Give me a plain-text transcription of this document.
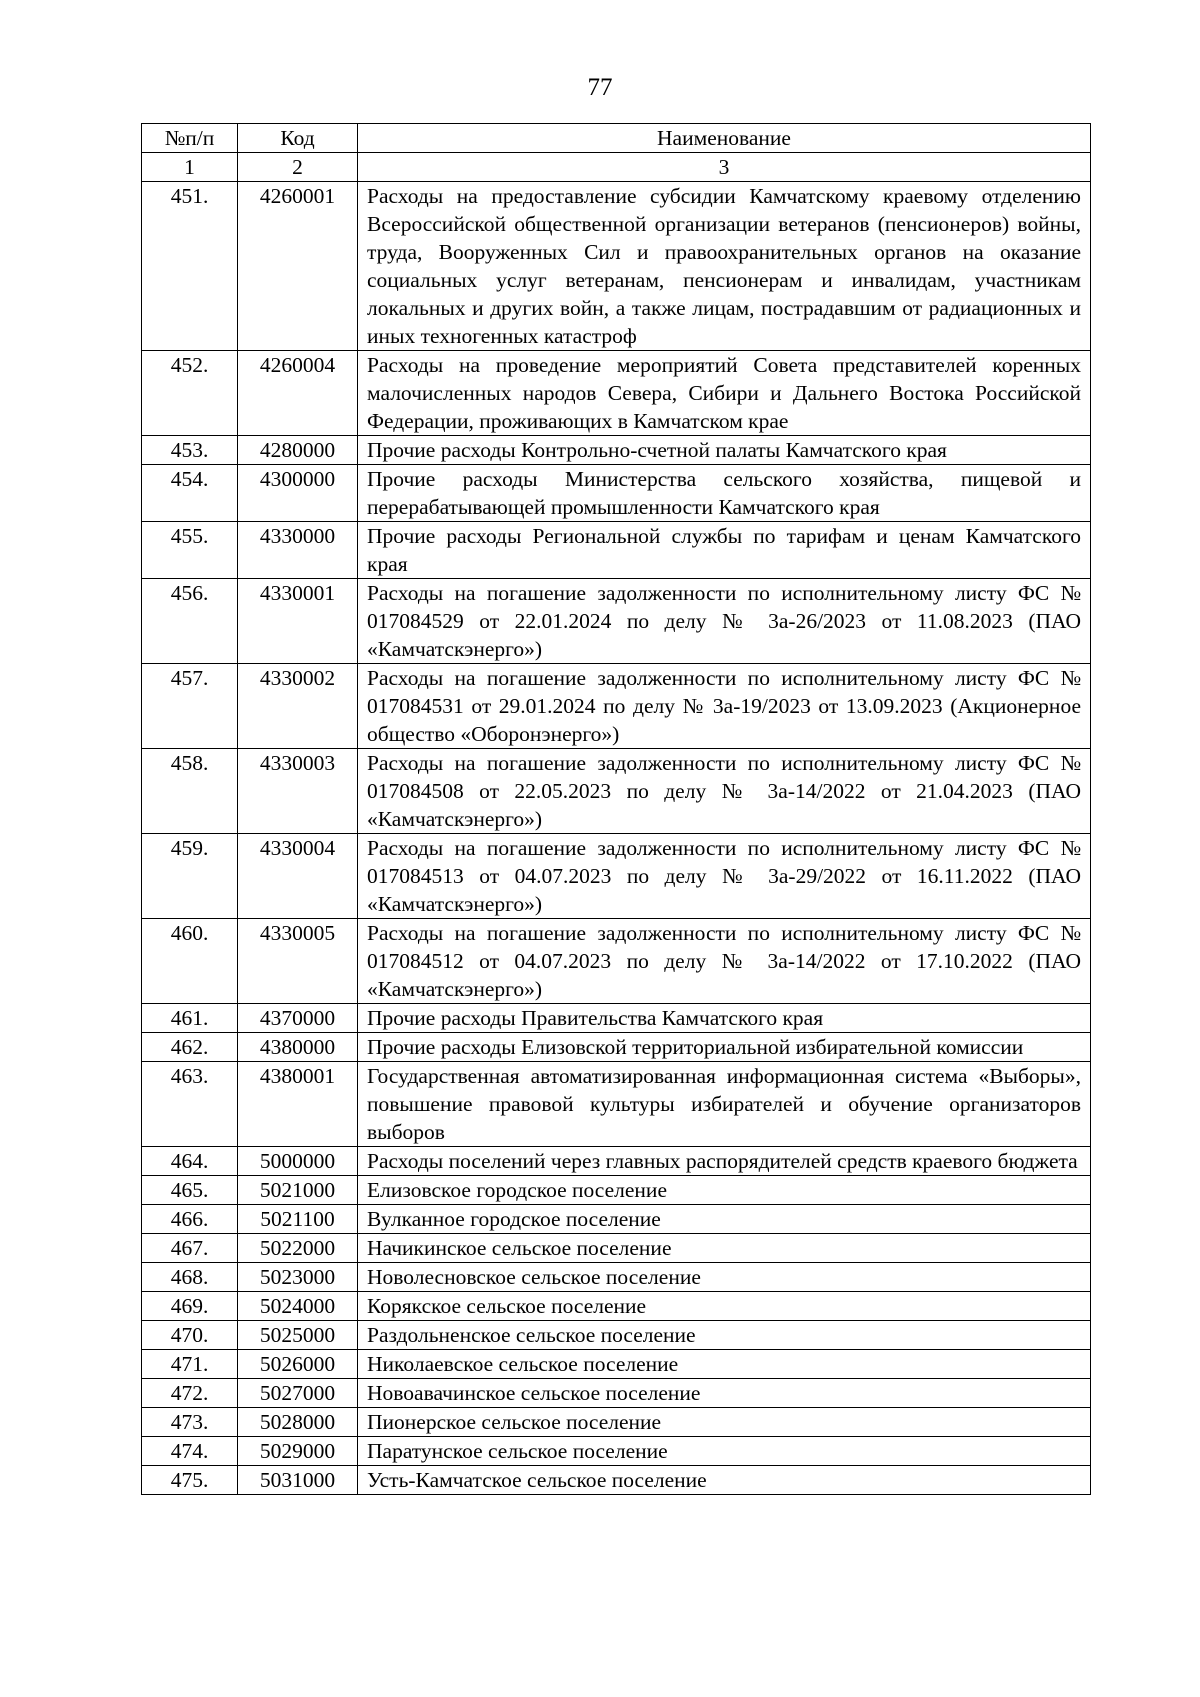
77
№п/п	Код	Наименование
1	2	3
451.	4260001	Расходы на предоставление субсидии Камчатскому краевому отделению Всероссийской общественной организации ветеранов (пенсионеров) войны, труда, Вооруженных Сил и правоохранительных органов на оказание социальных услуг ветеранам, пенсионерам и инвалидам, участникам локальных и других войн, а также лицам, пострадавшим от радиационных и иных техногенных катастроф
452.	4260004	Расходы на проведение мероприятий Совета представителей коренных малочисленных народов Севера, Сибири и Дальнего Востока Российской Федерации, проживающих в Камчатском крае
453.	4280000	Прочие расходы Контрольно-счетной палаты Камчатского края
454.	4300000	Прочие расходы Министерства сельского хозяйства, пищевой и перерабатывающей промышленности Камчатского края
455.	4330000	Прочие расходы Региональной службы по тарифам и ценам Камчатского края
456.	4330001	Расходы на погашение задолженности по исполнительному листу ФС № 017084529 от 22.01.2024 по делу № 3а-26/2023 от 11.08.2023 (ПАО «Камчатскэнерго»)
457.	4330002	Расходы на погашение задолженности по исполнительному листу ФС № 017084531 от 29.01.2024 по делу № 3а-19/2023 от 13.09.2023 (Акционерное общество «Оборонэнерго»)
458.	4330003	Расходы на погашение задолженности по исполнительному листу ФС № 017084508 от 22.05.2023 по делу № 3а-14/2022 от 21.04.2023 (ПАО «Камчатскэнерго»)
459.	4330004	Расходы на погашение задолженности по исполнительному листу ФС № 017084513 от 04.07.2023 по делу № 3а-29/2022 от 16.11.2022 (ПАО «Камчатскэнерго»)
460.	4330005	Расходы на погашение задолженности по исполнительному листу ФС № 017084512 от 04.07.2023 по делу № 3а-14/2022 от 17.10.2022 (ПАО «Камчатскэнерго»)
461.	4370000	Прочие расходы Правительства Камчатского края
462.	4380000	Прочие расходы Елизовской территориальной избирательной комиссии
463.	4380001	Государственная автоматизированная информационная система «Выборы», повышение правовой культуры избирателей и обучение организаторов выборов
464.	5000000	Расходы поселений через главных распорядителей средств краевого бюджета
465.	5021000	Елизовское городское поселение
466.	5021100	Вулканное городское поселение
467.	5022000	Начикинское сельское поселение
468.	5023000	Новолесновское сельское поселение
469.	5024000	Корякское сельское поселение
470.	5025000	Раздольненское сельское поселение
471.	5026000	Николаевское сельское поселение
472.	5027000	Новоавачинское сельское поселение
473.	5028000	Пионерское сельское поселение
474.	5029000	Паратунское сельское поселение
475.	5031000	Усть-Камчатское сельское поселение
